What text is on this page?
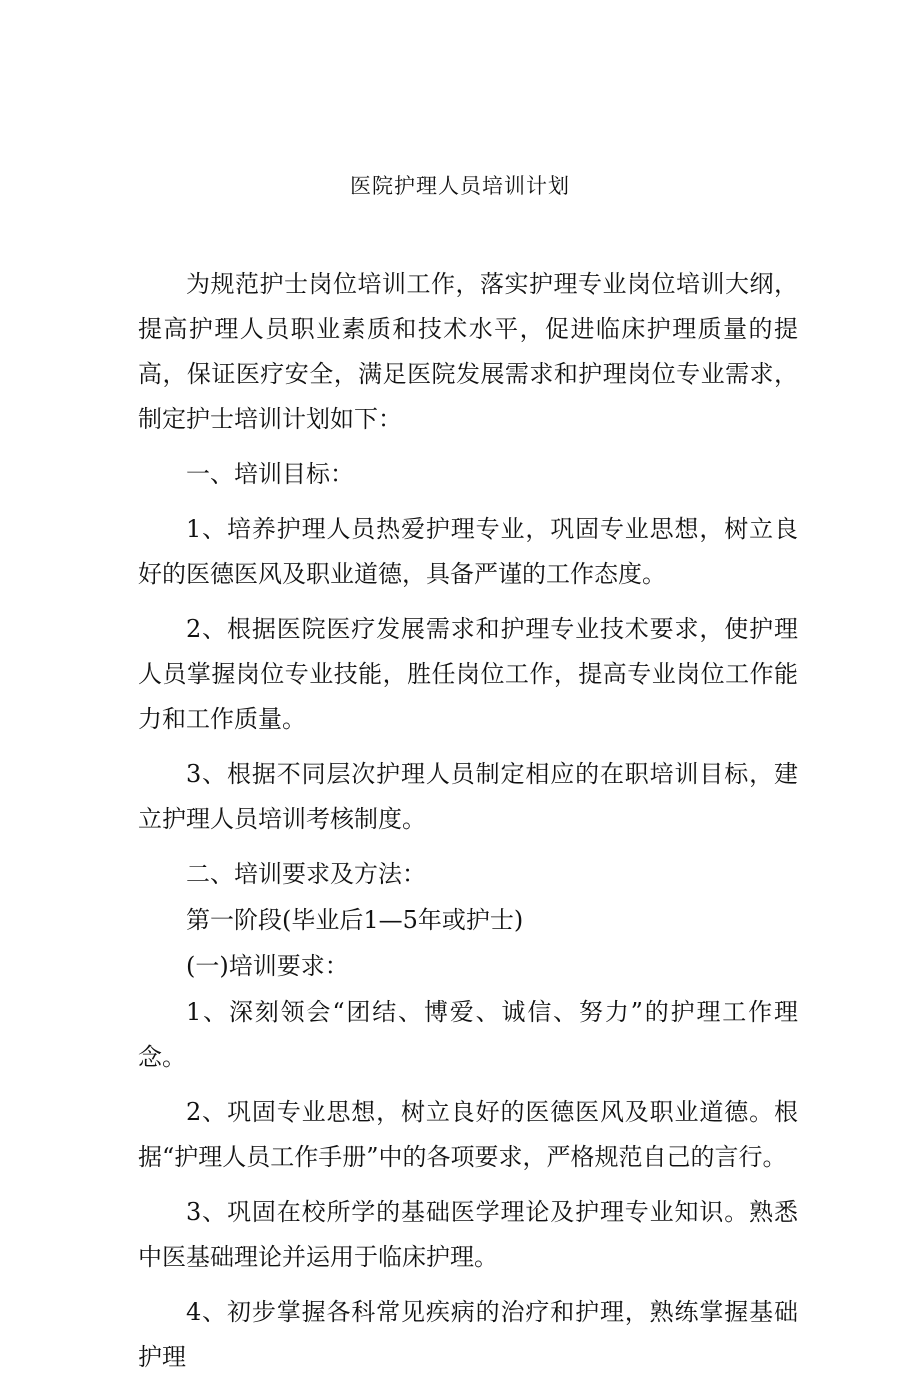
医院护理人员培训计划

为规范护士岗位培训工作，落实护理专业岗位培训大纲，提高护理人员职业素质和技术水平，促进临床护理质量的提高，保证医疗安全，满足医院发展需求和护理岗位专业需求，制定护士培训计划如下：

一、培训目标：

1、培养护理人员热爱护理专业，巩固专业思想，树立良好的医德医风及职业道德，具备严谨的工作态度。

2、根据医院医疗发展需求和护理专业技术要求，使护理人员掌握岗位专业技能，胜任岗位工作，提高专业岗位工作能力和工作质量。

3、根据不同层次护理人员制定相应的在职培训目标，建立护理人员培训考核制度。

二、培训要求及方法：

第一阶段(毕业后1—5年或护士)

(一)培训要求：

1、深刻领会“团结、博爱、诚信、努力”的护理工作理念。

2、巩固专业思想，树立良好的医德医风及职业道德。根据“护理人员工作手册”中的各项要求，严格规范自己的言行。

3、巩固在校所学的基础医学理论及护理专业知识。熟悉中医基础理论并运用于临床护理。

4、初步掌握各科常见疾病的治疗和护理，熟练掌握基础护理
